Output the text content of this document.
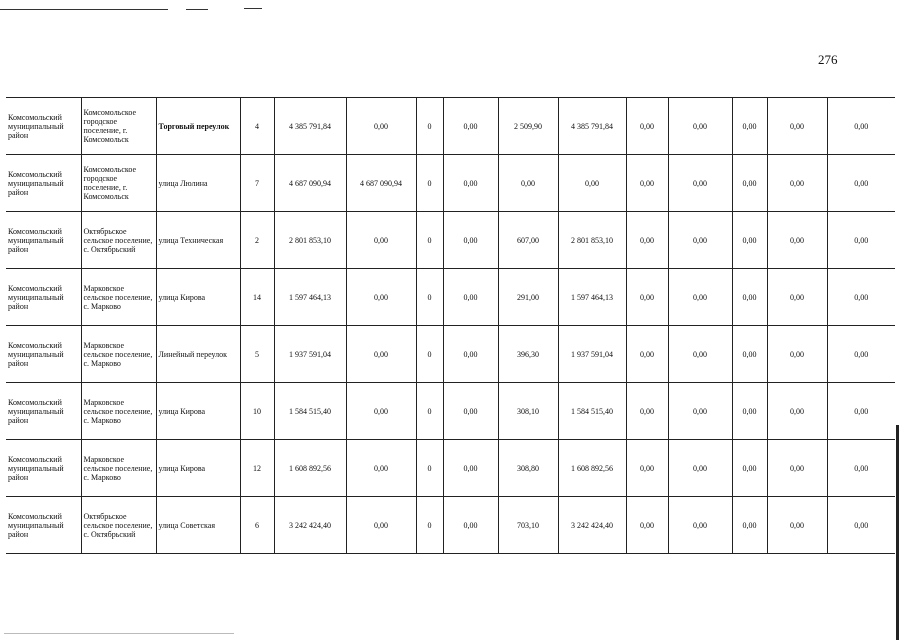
276
Комсомольский муниципальный район	Комсомольское городское поселение, г. Комсомольск	Торговый переулок	4	4 385 791,84	0,00	0	0,00	2 509,90	4 385 791,84	0,00	0,00	0,00	0,00	0,00
Комсомольский муниципальный район	Комсомольское городское поселение, г. Комсомольск	улица Люлина	7	4 687 090,94	4 687 090,94	0	0,00	0,00	0,00	0,00	0,00	0,00	0,00	0,00
Комсомольский муниципальный район	Октябрьское сельское поселение, с. Октябрьский	улица Техническая	2	2 801 853,10	0,00	0	0,00	607,00	2 801 853,10	0,00	0,00	0,00	0,00	0,00
Комсомольский муниципальный район	Марковское сельское поселение, с. Марково	улица Кирова	14	1 597 464,13	0,00	0	0,00	291,00	1 597 464,13	0,00	0,00	0,00	0,00	0,00
Комсомольский муниципальный район	Марковское сельское поселение, с. Марково	Линейный переулок	5	1 937 591,04	0,00	0	0,00	396,30	1 937 591,04	0,00	0,00	0,00	0,00	0,00
Комсомольский муниципальный район	Марковское сельское поселение, с. Марково	улица Кирова	10	1 584 515,40	0,00	0	0,00	308,10	1 584 515,40	0,00	0,00	0,00	0,00	0,00
Комсомольский муниципальный район	Марковское сельское поселение, с. Марково	улица Кирова	12	1 608 892,56	0,00	0	0,00	308,80	1 608 892,56	0,00	0,00	0,00	0,00	0,00
Комсомольский муниципальный район	Октябрьское сельское поселение, с. Октябрьский	улица Советская	6	3 242 424,40	0,00	0	0,00	703,10	3 242 424,40	0,00	0,00	0,00	0,00	0,00
